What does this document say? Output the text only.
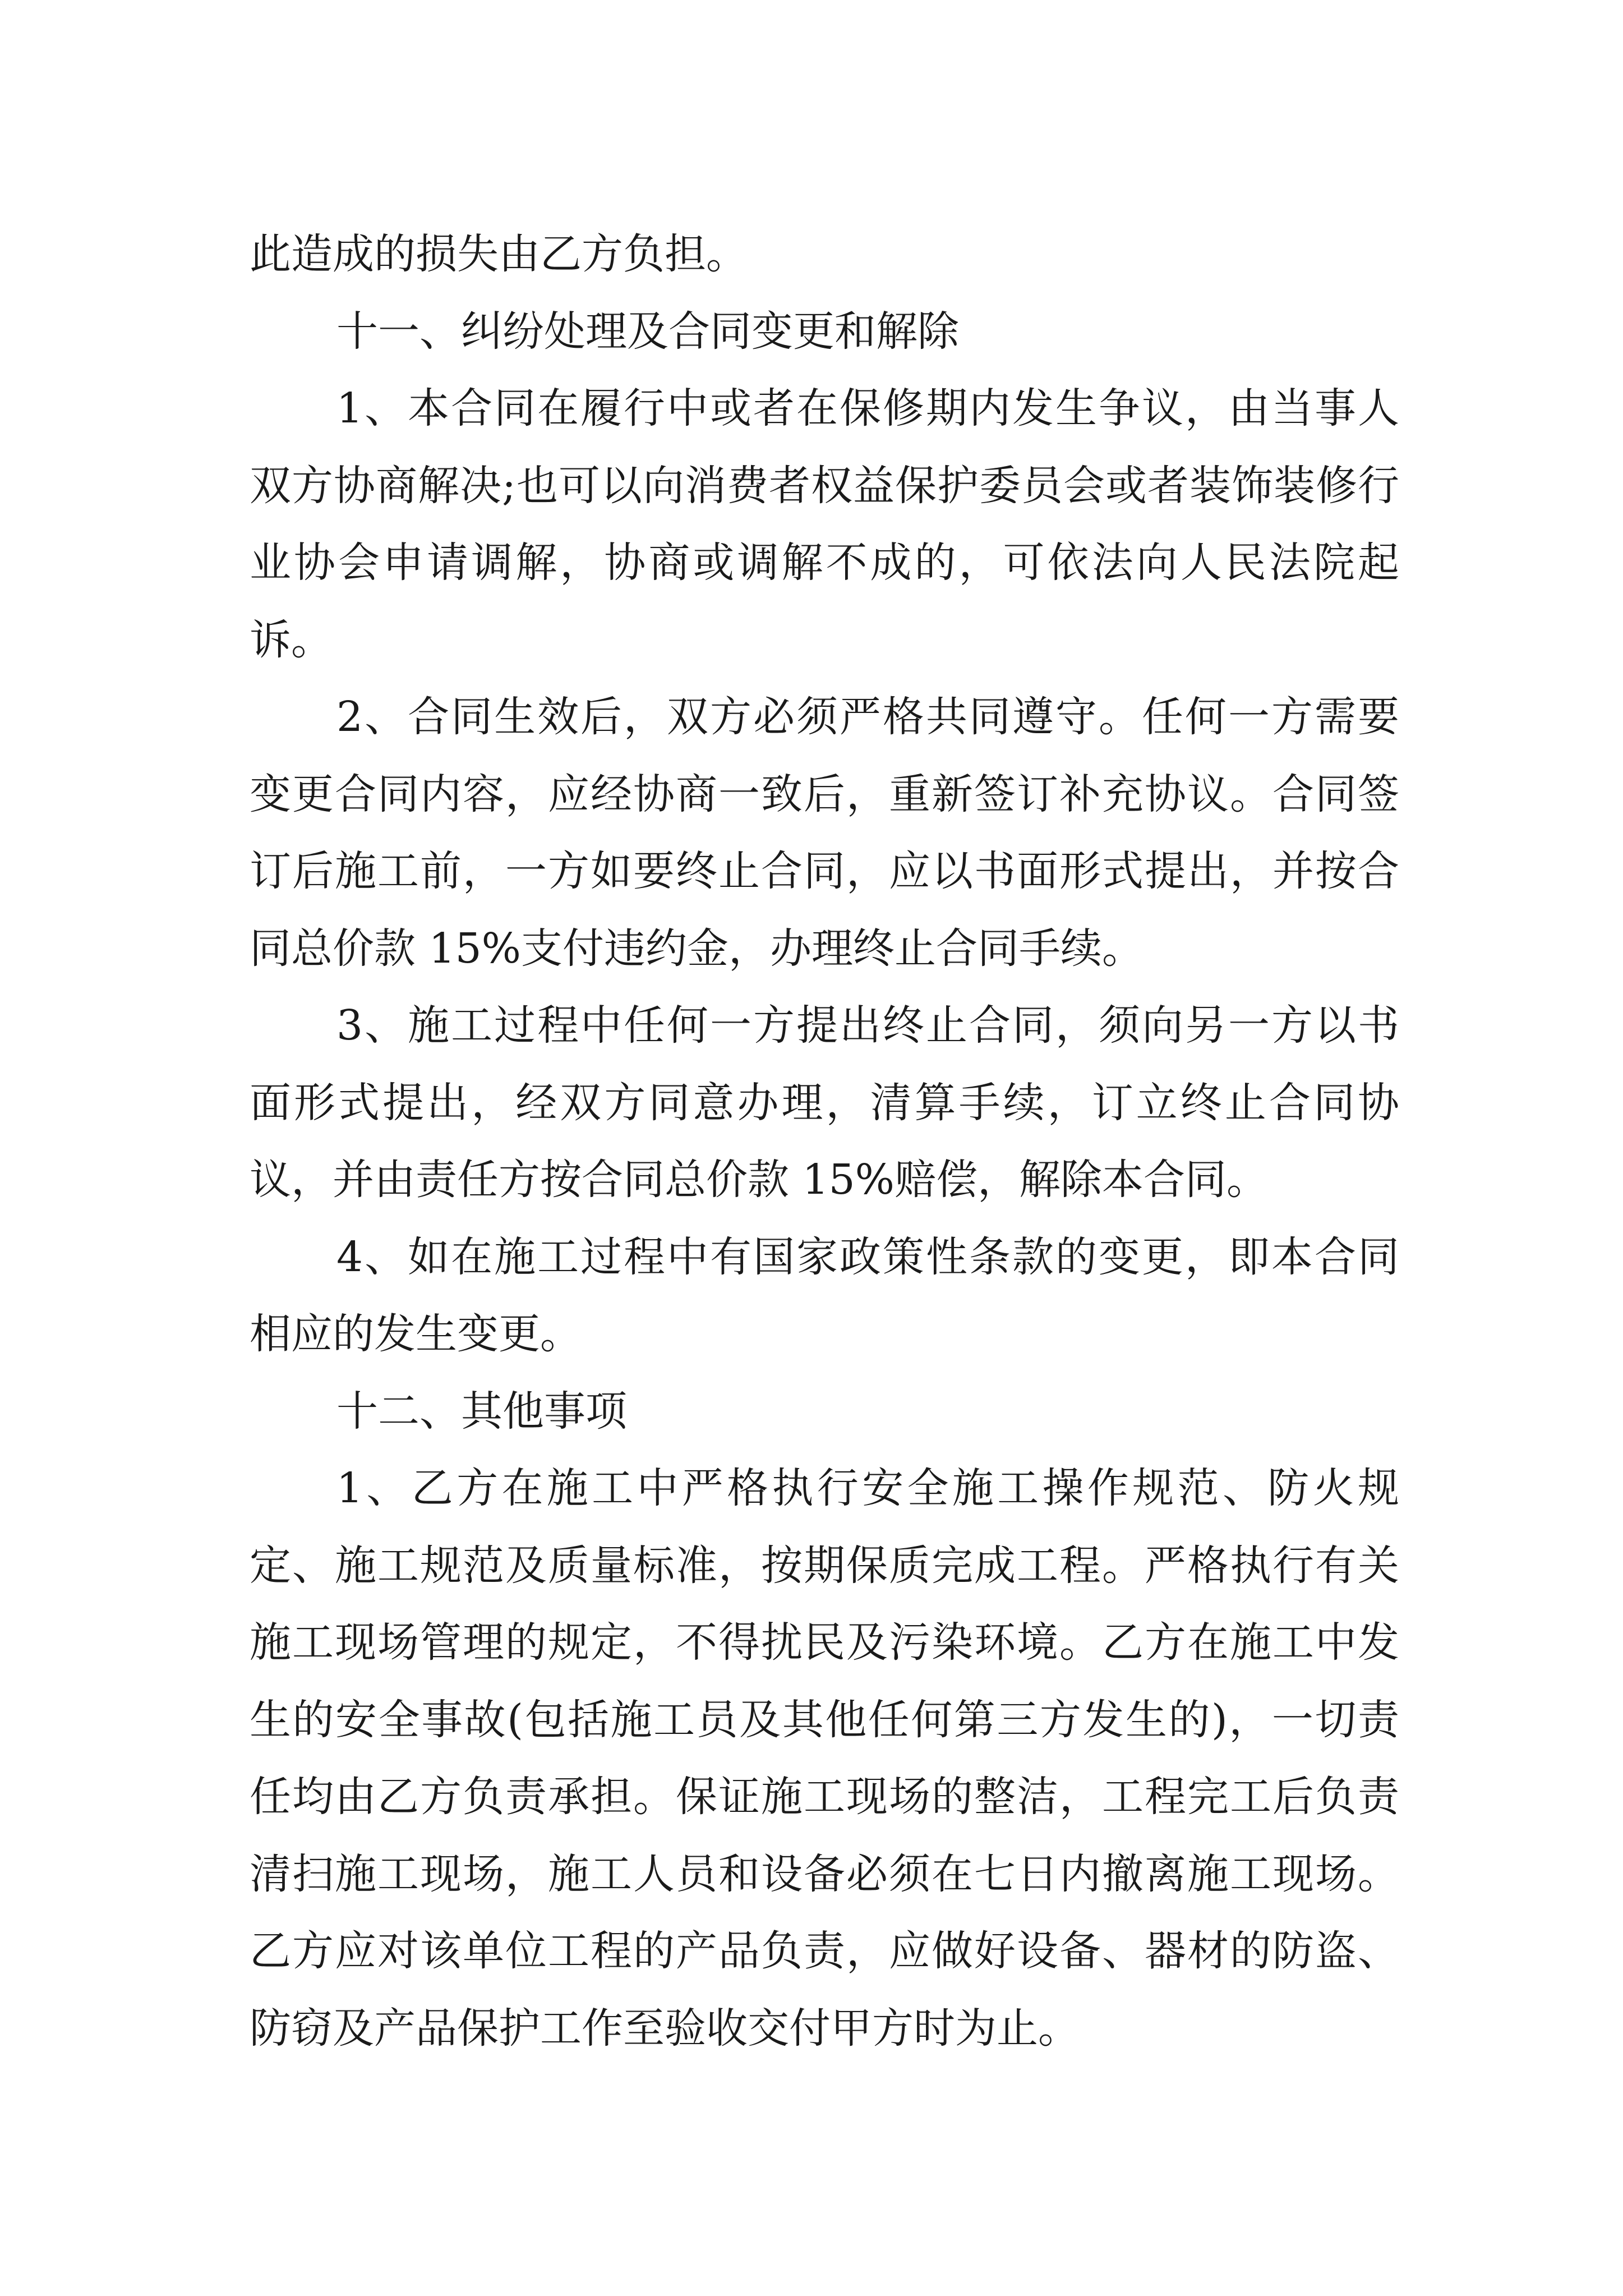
此造成的损失由乙方负担。

十一、纠纷处理及合同变更和解除

1、本合同在履行中或者在保修期内发生争议，由当事人双方协商解决;也可以向消费者权益保护委员会或者装饰装修行业协会申请调解，协商或调解不成的，可依法向人民法院起诉。

2、合同生效后，双方必须严格共同遵守。任何一方需要变更合同内容，应经协商一致后，重新签订补充协议。合同签订后施工前，一方如要终止合同，应以书面形式提出，并按合同总价款 15%支付违约金，办理终止合同手续。

3、施工过程中任何一方提出终止合同，须向另一方以书面形式提出，经双方同意办理，清算手续，订立终止合同协议，并由责任方按合同总价款 15%赔偿，解除本合同。

4、如在施工过程中有国家政策性条款的变更，即本合同相应的发生变更。

十二、其他事项

1、乙方在施工中严格执行安全施工操作规范、防火规定、施工规范及质量标准，按期保质完成工程。严格执行有关施工现场管理的规定，不得扰民及污染环境。乙方在施工中发生的安全事故(包括施工员及其他任何第三方发生的)，一切责任均由乙方负责承担。保证施工现场的整洁，工程完工后负责清扫施工现场，施工人员和设备必须在七日内撤离施工现场。乙方应对该单位工程的产品负责，应做好设备、器材的防盗、防窃及产品保护工作至验收交付甲方时为止。
